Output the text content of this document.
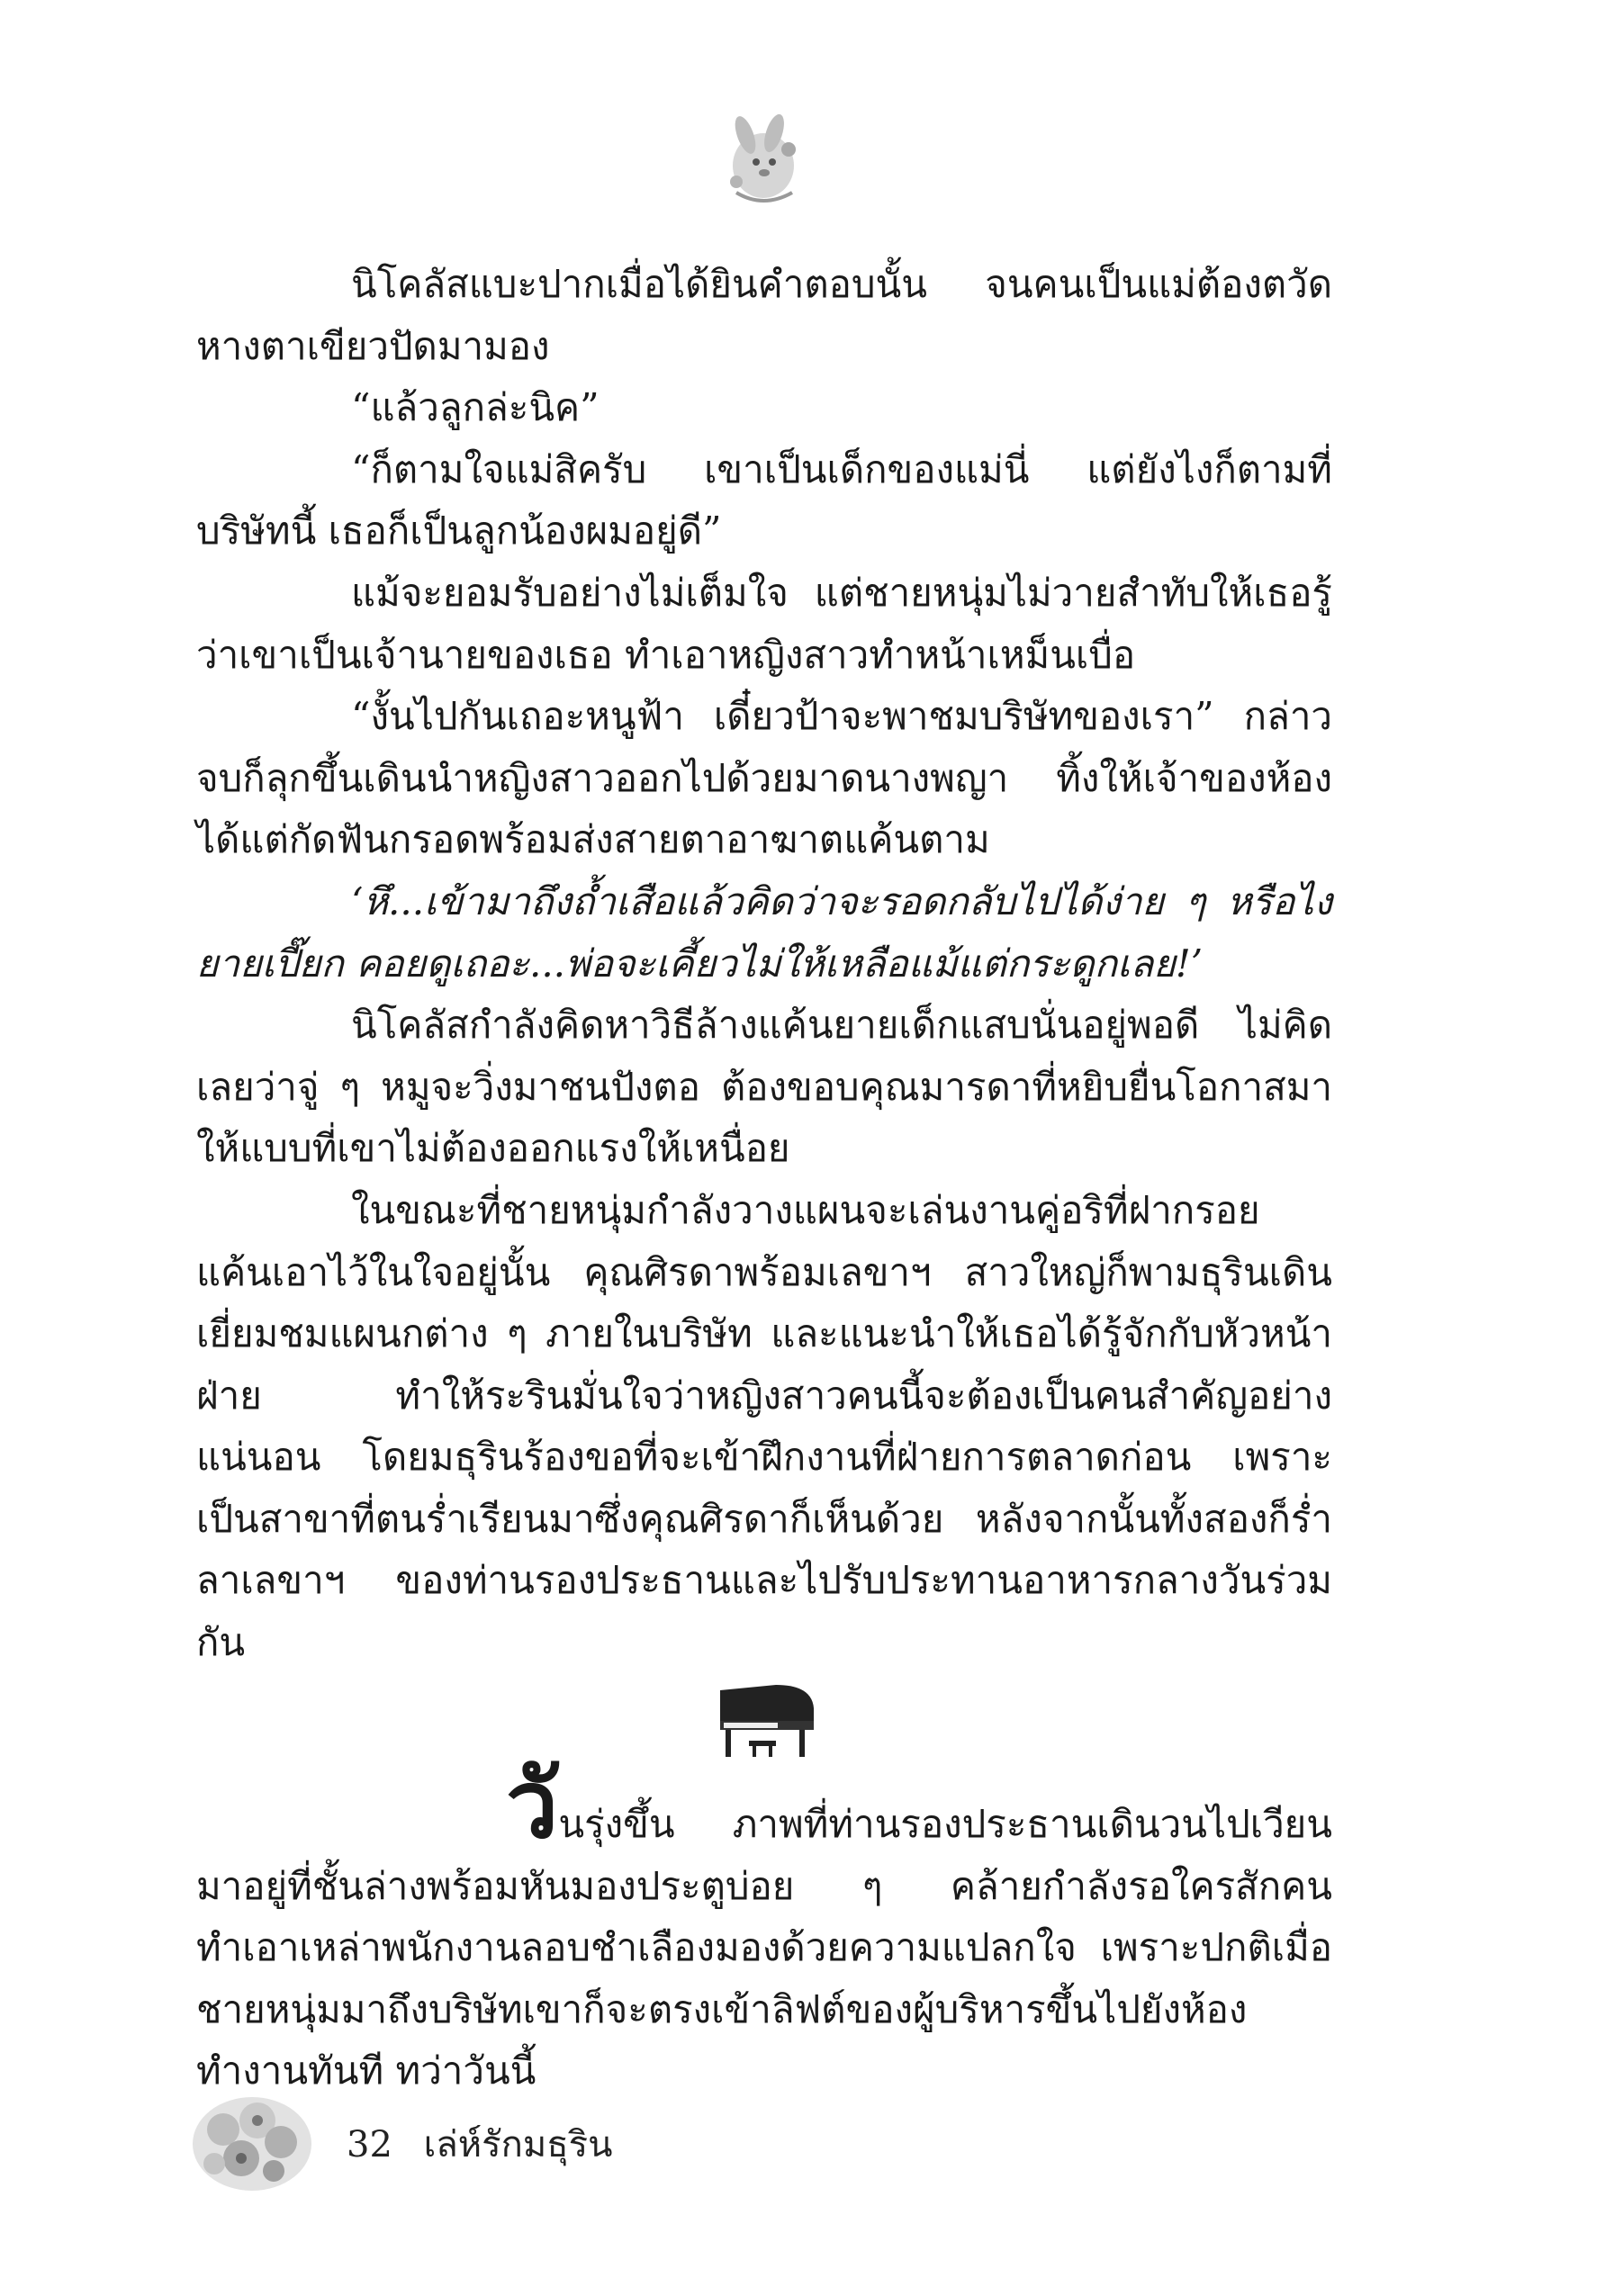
นิโคลัสแบะปากเมื่อได้ยินคำตอบนั้น จนคนเป็นแม่ต้องตวัดหางตาเขียวปัดมามอง

“แล้วลูกล่ะนิค”

“ก็ตามใจแม่สิครับ เขาเป็นเด็กของแม่นี่ แต่ยังไงก็ตามที่บริษัทนี้ เธอก็เป็นลูกน้องผมอยู่ดี”

แม้จะยอมรับอย่างไม่เต็มใจ แต่ชายหนุ่มไม่วายสำทับให้เธอรู้ว่าเขาเป็นเจ้านายของเธอ ทำเอาหญิงสาวทำหน้าเหม็นเบื่อ

“งั้นไปกันเถอะหนูฟ้า เดี๋ยวป้าจะพาชมบริษัทของเรา” กล่าวจบก็ลุกขึ้นเดินนำหญิงสาวออกไปด้วยมาดนางพญา ทิ้งให้เจ้าของห้องได้แต่กัดฟันกรอดพร้อมส่งสายตาอาฆาตแค้นตาม

‘หึ...เข้ามาถึงถ้ำเสือแล้วคิดว่าจะรอดกลับไปได้ง่าย ๆ หรือไงยายเปี๊ยก คอยดูเถอะ...พ่อจะเคี้ยวไม่ให้เหลือแม้แต่กระดูกเลย!’

นิโคลัสกำลังคิดหาวิธีล้างแค้นยายเด็กแสบนั่นอยู่พอดี ไม่คิดเลยว่าจู่ ๆ หมูจะวิ่งมาชนปังตอ ต้องขอบคุณมารดาที่หยิบยื่นโอกาสมาให้แบบที่เขาไม่ต้องออกแรงให้เหนื่อย

ในขณะที่ชายหนุ่มกำลังวางแผนจะเล่นงานคู่อริที่ฝากรอยแค้นเอาไว้ในใจอยู่นั้น คุณศิรดาพร้อมเลขาฯ สาวใหญ่ก็พามธุรินเดินเยี่ยมชมแผนกต่าง ๆ ภายในบริษัท และแนะนำให้เธอได้รู้จักกับหัวหน้าฝ่าย ทำให้ระรินมั่นใจว่าหญิงสาวคนนี้จะต้องเป็นคนสำคัญอย่างแน่นอน โดยมธุรินร้องขอที่จะเข้าฝึกงานที่ฝ่ายการตลาดก่อน เพราะเป็นสาขาที่ตนร่ำเรียนมาซึ่งคุณศิรดาก็เห็นด้วย หลังจากนั้นทั้งสองก็ร่ำลาเลขาฯ ของท่านรองประธานและไปรับประทานอาหารกลางวันร่วมกัน

วันรุ่งขึ้น ภาพที่ท่านรองประธานเดินวนไปเวียนมาอยู่ที่ชั้นล่างพร้อมหันมองประตูบ่อย ๆ คล้ายกำลังรอใครสักคน ทำเอาเหล่าพนักงานลอบชำเลืองมองด้วยความแปลกใจ เพราะปกติเมื่อชายหนุ่มมาถึงบริษัทเขาก็จะตรงเข้าลิฟต์ของผู้บริหารขึ้นไปยังห้องทำงานทันที ทว่าวันนี้

32 เล่ห์รักมธุริน
